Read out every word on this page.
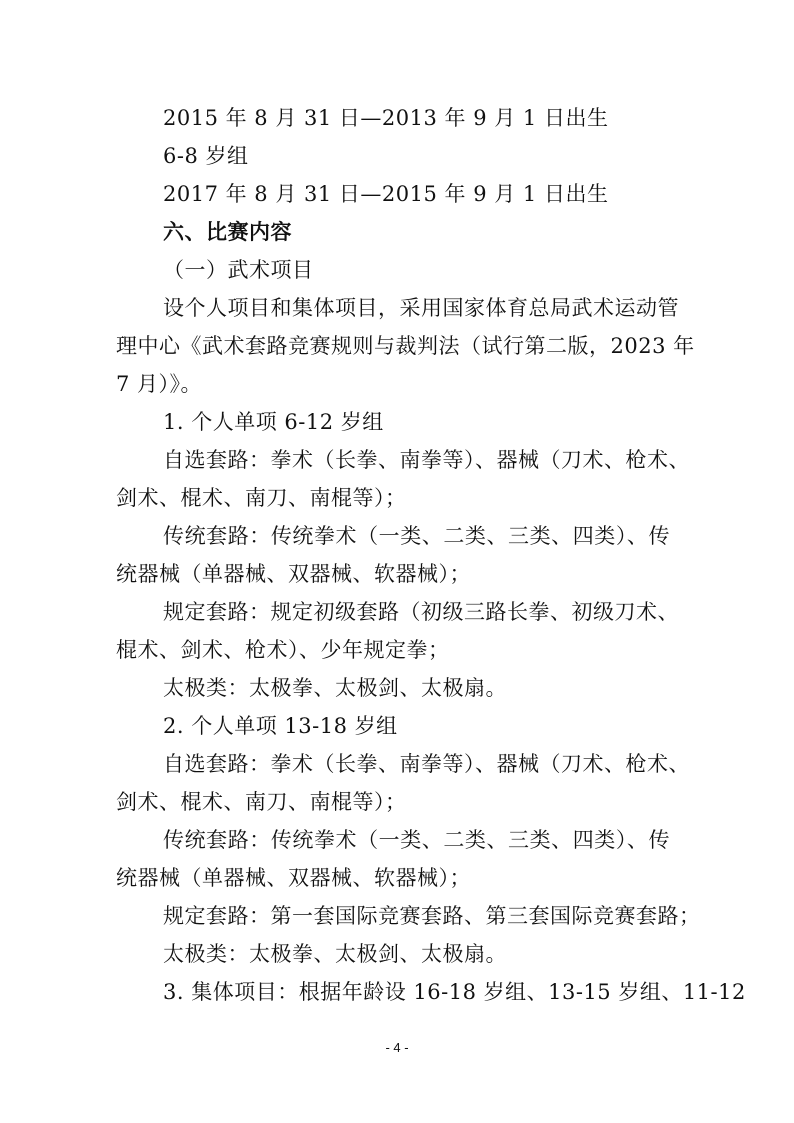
2015 年 8 月 31 日—2013 年 9 月 1 日出生
6-8 岁组
2017 年 8 月 31 日—2015 年 9 月 1 日出生
六、比赛内容
（一）武术项目
设个人项目和集体项目，采用国家体育总局武术运动管
理中心《武术套路竞赛规则与裁判法（试行第二版，2023 年
7 月）》。
1. 个人单项 6-12 岁组
自选套路：拳术（长拳、南拳等）、器械（刀术、枪术、
剑术、棍术、南刀、南棍等）；
传统套路：传统拳术（一类、二类、三类、四类）、传
统器械（单器械、双器械、软器械）；
规定套路：规定初级套路（初级三路长拳、初级刀术、
棍术、剑术、枪术）、少年规定拳；
太极类：太极拳、太极剑、太极扇。
2. 个人单项 13-18 岁组
自选套路：拳术（长拳、南拳等）、器械（刀术、枪术、
剑术、棍术、南刀、南棍等）；
传统套路：传统拳术（一类、二类、三类、四类）、传
统器械（单器械、双器械、软器械）；
规定套路：第一套国际竞赛套路、第三套国际竞赛套路；
太极类：太极拳、太极剑、太极扇。
3. 集体项目：根据年龄设 16-18 岁组、13-15 岁组、11-12
- 4 -
